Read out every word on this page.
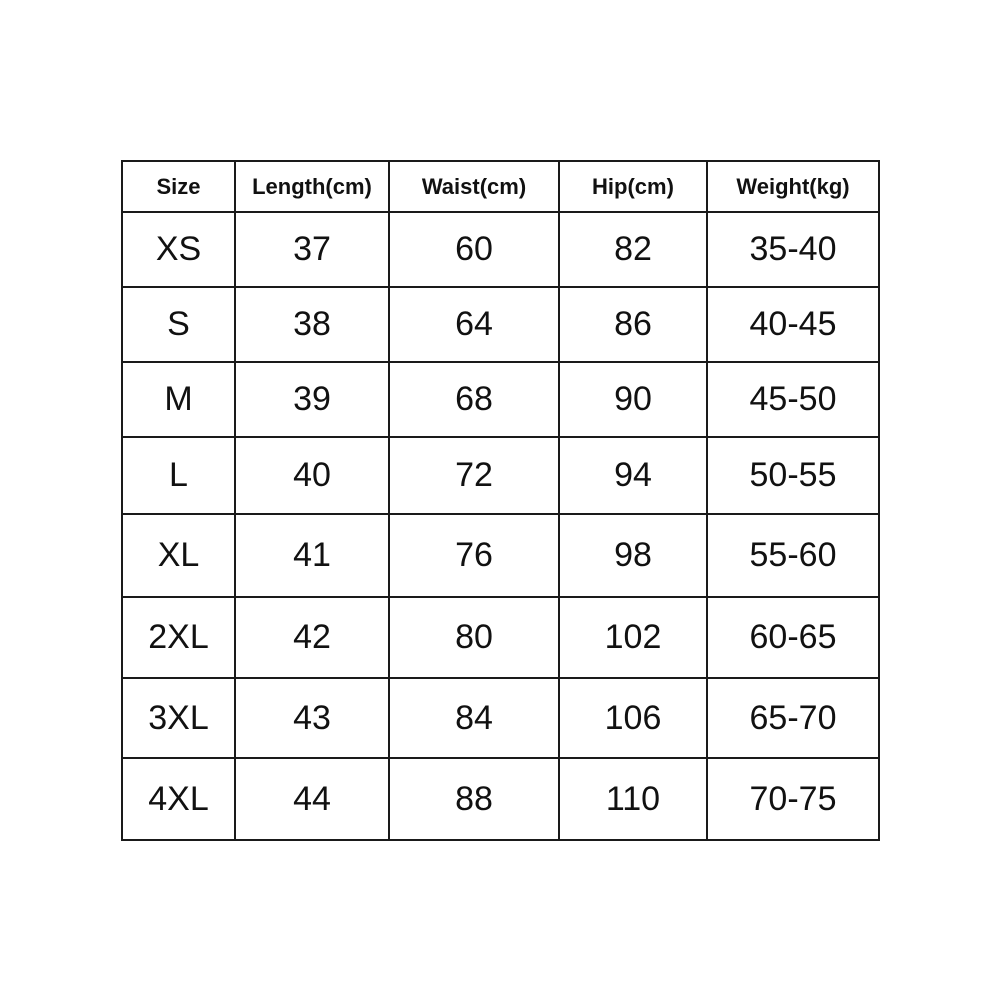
Size	Length(cm)	Waist(cm)	Hip(cm)	Weight(kg)
XS	37	60	82	35-40
S	38	64	86	40-45
M	39	68	90	45-50
L	40	72	94	50-55
XL	41	76	98	55-60
2XL	42	80	102	60-65
3XL	43	84	106	65-70
4XL	44	88	110	70-75
